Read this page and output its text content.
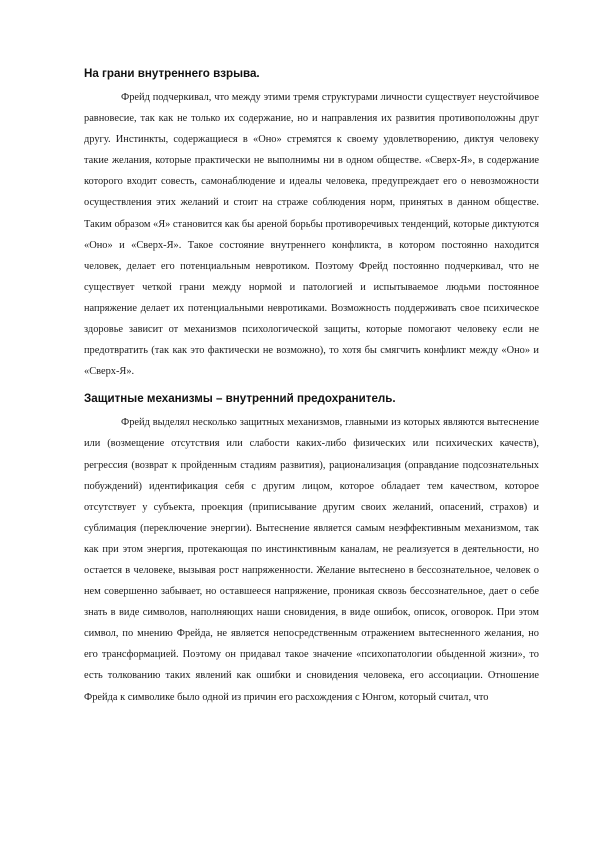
На грани внутреннего взрыва.

Фрейд подчеркивал, что между этими тремя структурами личности существует неустойчивое равновесие, так как не только их содержание, но и направления их развития противоположны друг другу. Инстинкты, содержащиеся в «Оно» стремятся к своему удовлетворению, диктуя человеку такие желания, которые практически не выполнимы ни в одном обществе. «Сверх-Я», в содержание которого входит совесть, самонаблюдение и идеалы человека, предупреждает его о невозможности осуществления этих желаний и стоит на страже соблюдения норм, принятых в данном обществе. Таким образом «Я» становится как бы ареной борьбы противоречивых тенденций, которые диктуются «Оно» и «Сверх-Я». Такое состояние внутреннего конфликта, в котором постоянно находится человек, делает его потенциальным невротиком. Поэтому Фрейд постоянно подчеркивал, что не существует четкой грани между нормой и патологией и испытываемое людьми постоянное напряжение делает их потенциальными невротиками. Возможность поддерживать свое психическое здоровье зависит от механизмов психологической защиты, которые помогают человеку если не предотвратить (так как это фактически не возможно), то хотя бы смягчить конфликт между «Оно» и «Сверх-Я».

Защитные механизмы – внутренний предохранитель.

Фрейд выделял несколько защитных механизмов, главными из которых являются вытеснение или (возмещение отсутствия или слабости каких-либо физических или психических качеств), регрессия (возврат к пройденным стадиям развития), рационализация (оправдание подсознательных побуждений) идентификация себя с другим лицом, которое обладает тем качеством, которое отсутствует у субъекта, проекция (приписывание другим своих желаний, опасений, страхов) и сублимация (переключение энергии). Вытеснение является самым неэффективным механизмом, так как при этом энергия, протекающая по инстинктивным каналам, не реализуется в деятельности, но остается в человеке, вызывая рост напряженности. Желание вытеснено в бессознательное, человек о нем совершенно забывает, но оставшееся напряжение, проникая сквозь бессознательное, дает о себе знать в виде символов, наполняющих наши сновидения, в виде ошибок, описок, оговорок. При этом символ, по мнению Фрейда, не является непосредственным отражением вытесненного желания, но его трансформацией. Поэтому он придавал такое значение «психопатологии обыденной жизни», то есть толкованию таких явлений как ошибки и сновидения человека, его ассоциации. Отношение Фрейда к символике было одной из причин его расхождения с Юнгом, который считал, что
